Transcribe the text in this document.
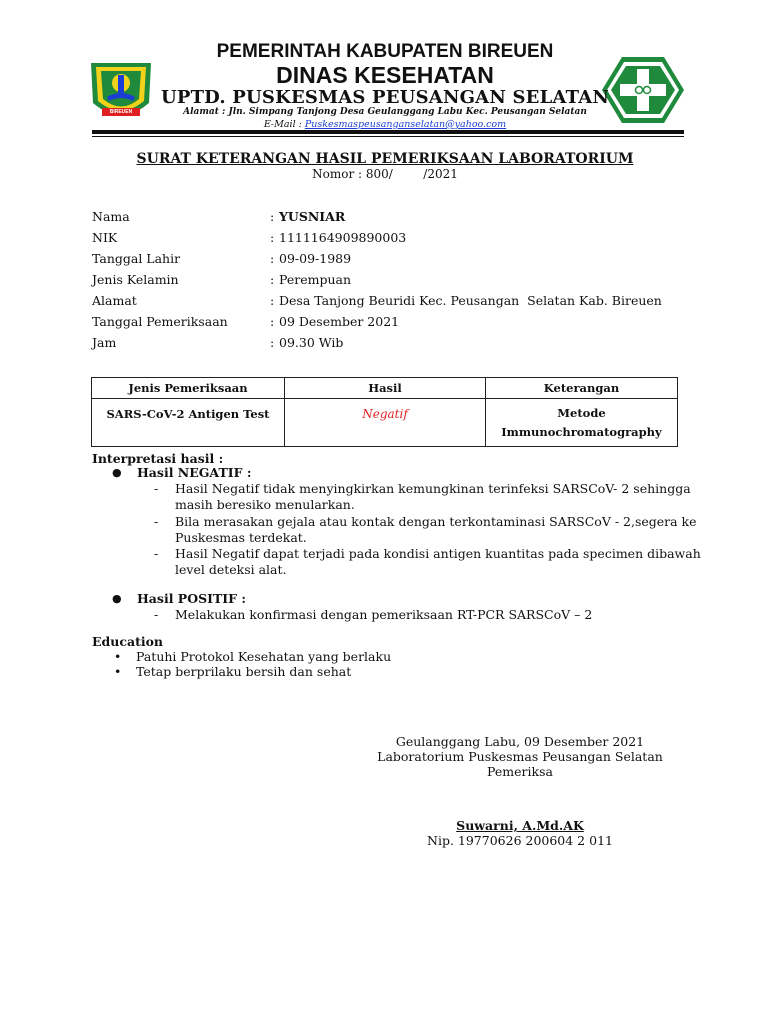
BIREUEN
PEMERINTAH KABUPATEN BIREUEN
DINAS KESEHATAN
UPTD. PUSKESMAS PEUSANGAN SELATAN
Alamat : Jln. Simpang Tanjong Desa Geulanggang Labu Kec. Peusangan Selatan
E-Mail : Puskesmaspeusanganselatan@yahoo.com
SURAT KETERANGAN HASIL PEMERIKSAAN LABORATORIUM
Nomor : 800/        /2021
Nama	: YUSNIAR
NIK	: 1111164909890003
Tanggal Lahir	: 09-09-1989
Jenis Kelamin	: Perempuan
Alamat	: Desa Tanjong Beuridi Kec. Peusangan  Selatan Kab. Bireuen
Tanggal Pemeriksaan	: 09 Desember 2021
Jam	: 09.30 Wib
Jenis Pemeriksaan	Hasil	Keterangan
SARS-CoV-2 Antigen Test	Negatif	Metode
Immunochromatography
Interpretasi hasil :
● Hasil NEGATIF :
- Hasil Negatif tidak menyingkirkan kemungkinan terinfeksi SARSCoV- 2 sehingga
masih beresiko menularkan.
- Bila merasakan gejala atau kontak dengan terkontaminasi SARSCoV - 2,segera ke
Puskesmas terdekat.
- Hasil Negatif dapat terjadi pada kondisi antigen kuantitas pada specimen dibawah
level deteksi alat.
● Hasil POSITIF :
- Melakukan konfirmasi dengan pemeriksaan RT-PCR SARSCoV – 2
Education
• Patuhi Protokol Kesehatan yang berlaku
• Tetap berprilaku bersih dan sehat
Geulanggang Labu, 09 Desember 2021
Laboratorium Puskesmas Peusangan Selatan
Pemeriksa
Suwarni, A.Md.AK
Nip. 19770626 200604 2 011
